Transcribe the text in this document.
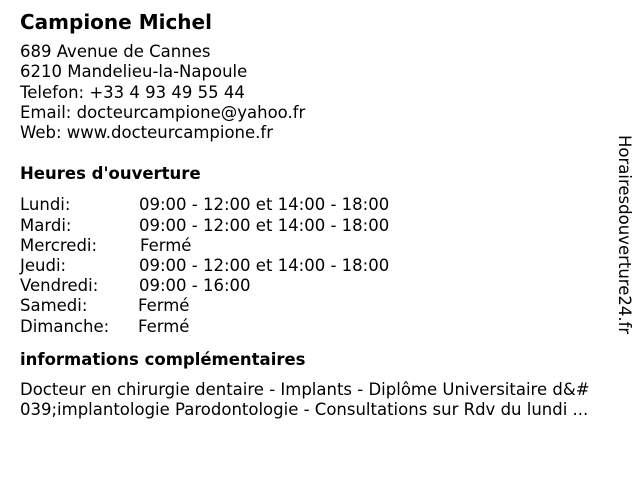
Campione Michel
689 Avenue de Cannes
6210 Mandelieu-la-Napoule
Telefon: +33 4 93 49 55 44
Email: docteurcampione@yahoo.fr
Web: www.docteurcampione.fr
Heures d'ouverture
Lundi:	09:00 - 12:00 et 14:00 - 18:00
Mardi:	09:00 - 12:00 et 14:00 - 18:00
Mercredi:	Fermé
Jeudi:	09:00 - 12:00 et 14:00 - 18:00
Vendredi: 09:00 - 16:00
Samedi:	Fermé
Dimanche: Fermé
informations complémentaires
Docteur en chirurgie dentaire - Implants - Diplôme Universitaire d&#
039;implantologie Parodontologie - Consultations sur Rdv du lundi ...
Horairesdouverture24.fr
